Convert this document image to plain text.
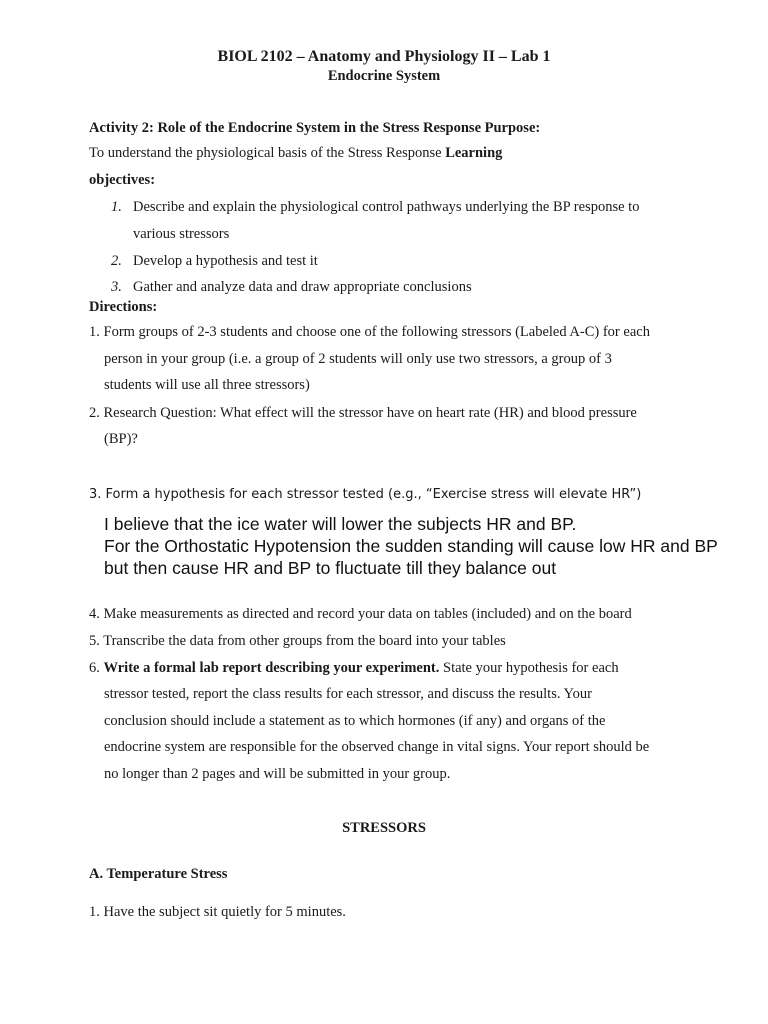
BIOL 2102 – Anatomy and Physiology II – Lab 1
Endocrine System
Activity 2: Role of the Endocrine System in the Stress Response Purpose:
To understand the physiological basis of the Stress Response Learning
objectives:
1. Describe and explain the physiological control pathways underlying the BP response to
various stressors
2. Develop a hypothesis and test it
3. Gather and analyze data and draw appropriate conclusions
Directions:
1. Form groups of 2-3 students and choose one of the following stressors (Labeled A-C) for each
person in your group (i.e. a group of 2 students will only use two stressors, a group of 3
students will use all three stressors)
2. Research Question: What effect will the stressor have on heart rate (HR) and blood pressure
(BP)?
3. Form a hypothesis for each stressor tested (e.g., “Exercise stress will elevate HR”)
I believe that the ice water will lower the subjects HR and BP.
For the Orthostatic Hypotension the sudden standing will cause low HR and BP
but then cause HR and BP to fluctuate till they balance out
4. Make measurements as directed and record your data on tables (included) and on the board
5. Transcribe the data from other groups from the board into your tables
6. Write a formal lab report describing your experiment. State your hypothesis for each
stressor tested, report the class results for each stressor, and discuss the results. Your
conclusion should include a statement as to which hormones (if any) and organs of the
endocrine system are responsible for the observed change in vital signs. Your report should be
no longer than 2 pages and will be submitted in your group.
STRESSORS
A. Temperature Stress
1. Have the subject sit quietly for 5 minutes.
